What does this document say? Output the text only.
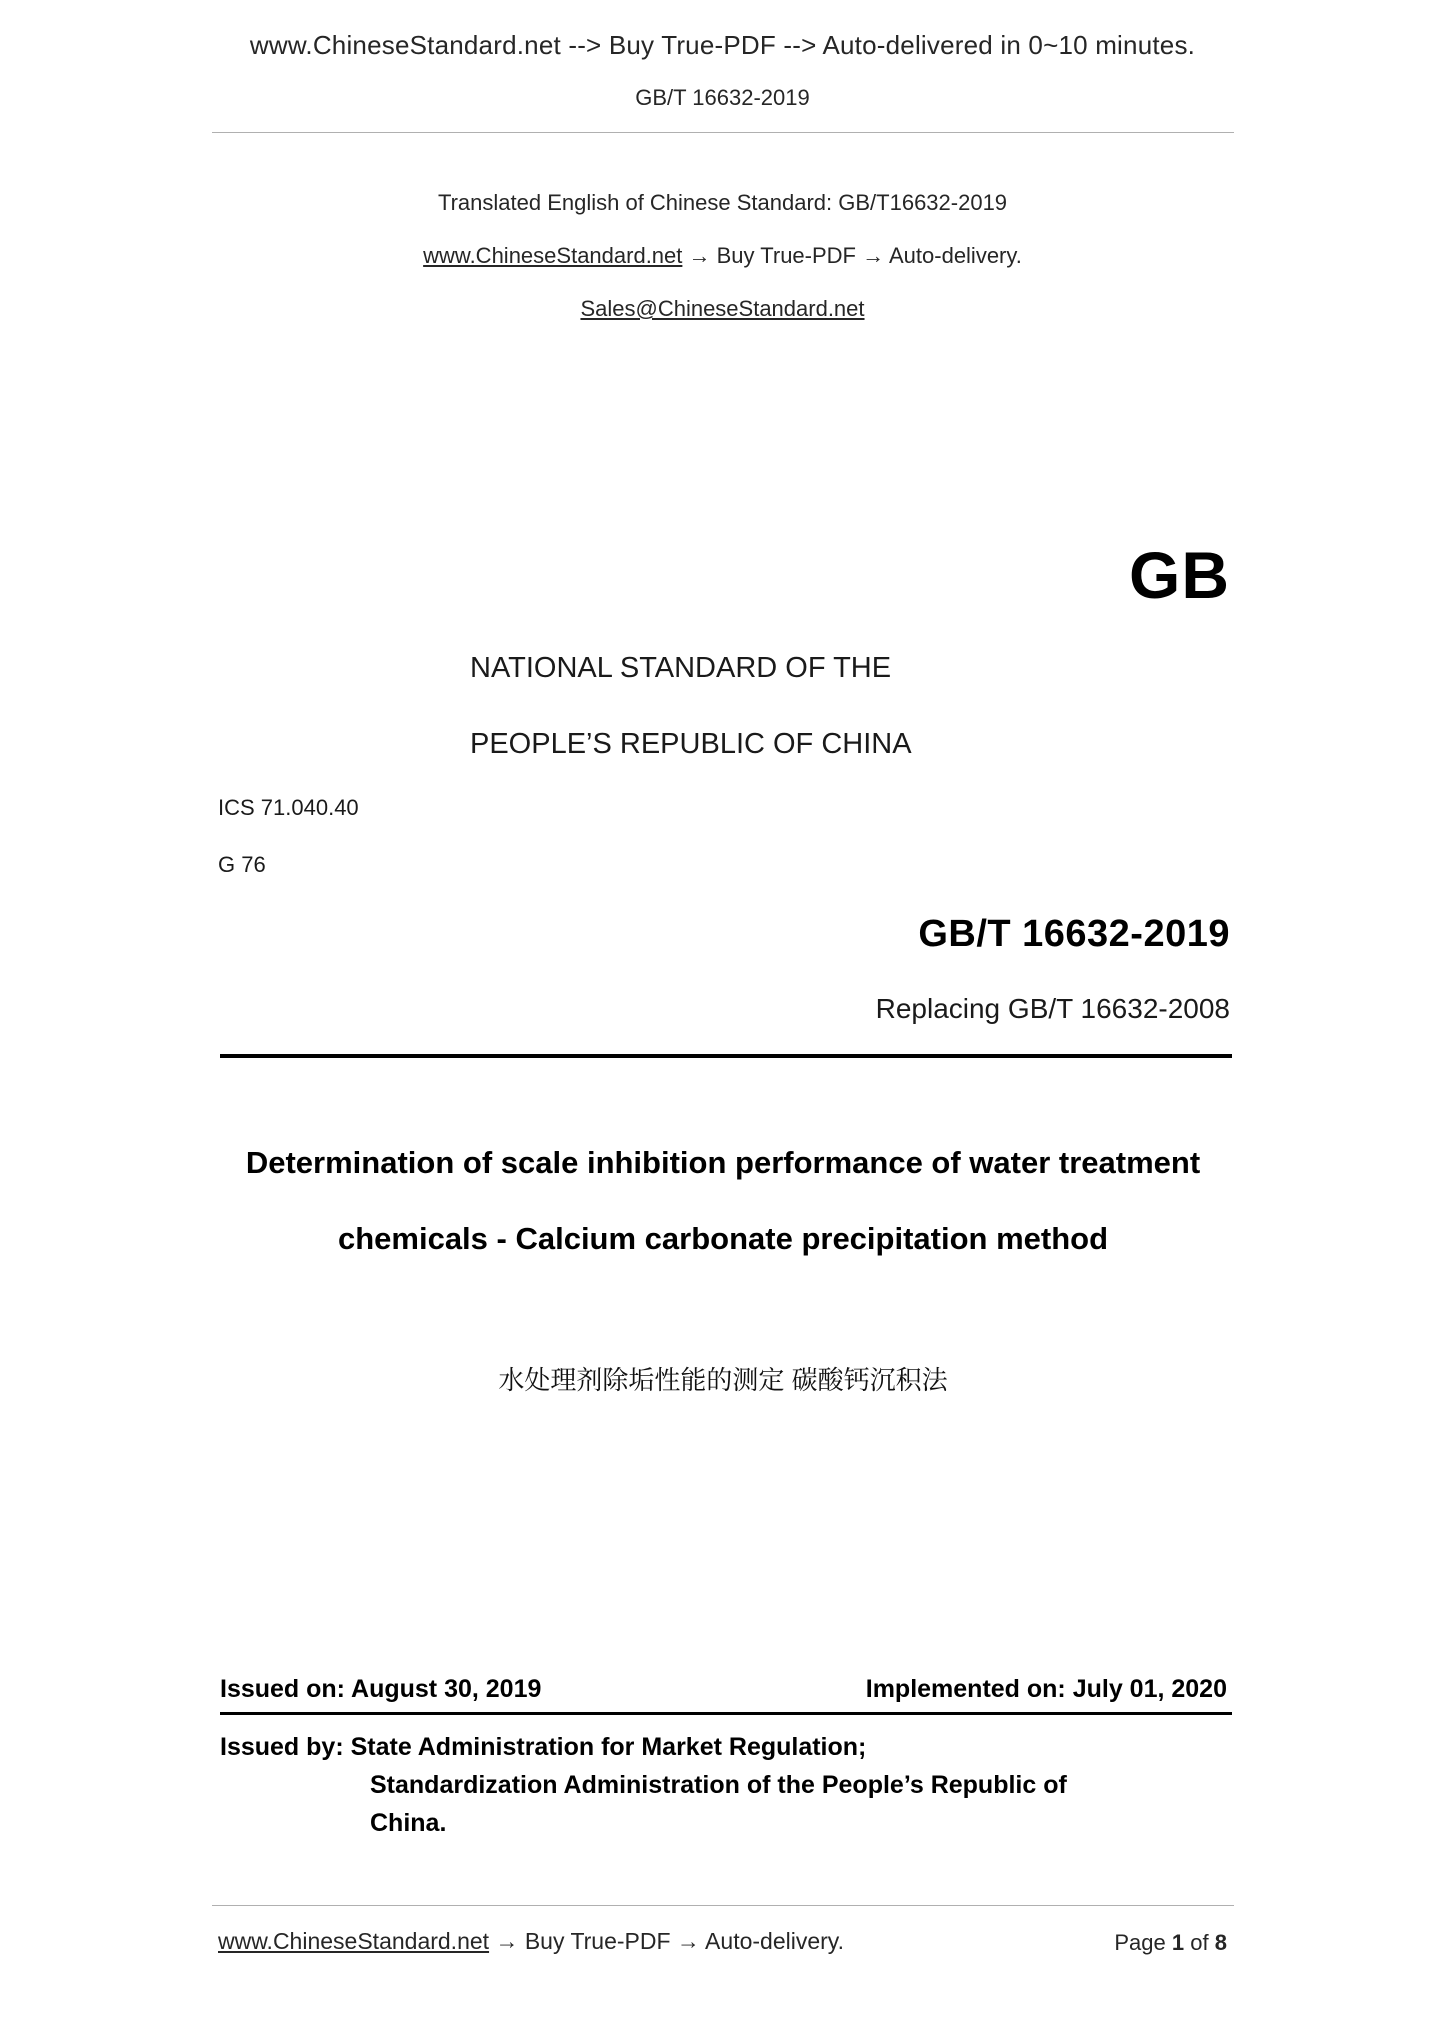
www.ChineseStandard.net --> Buy True-PDF --> Auto-delivered in 0~10 minutes.
GB/T 16632-2019
Translated English of Chinese Standard: GB/T16632-2019
www.ChineseStandard.net → Buy True-PDF → Auto-delivery.
Sales@ChineseStandard.net
GB
NATIONAL STANDARD OF THE
PEOPLE’S REPUBLIC OF CHINA
ICS 71.040.40
G 76
GB/T 16632-2019
Replacing GB/T 16632-2008
Determination of scale inhibition performance of water treatment chemicals - Calcium carbonate precipitation method
水处理剂除垢性能的测定 碳酸钙沉积法
Issued on: August 30, 2019	Implemented on: July 01, 2020
Issued by: State Administration for Market Regulation;
Standardization Administration of the People’s Republic of
China.
www.ChineseStandard.net → Buy True-PDF → Auto-delivery.	Page 1 of 8
